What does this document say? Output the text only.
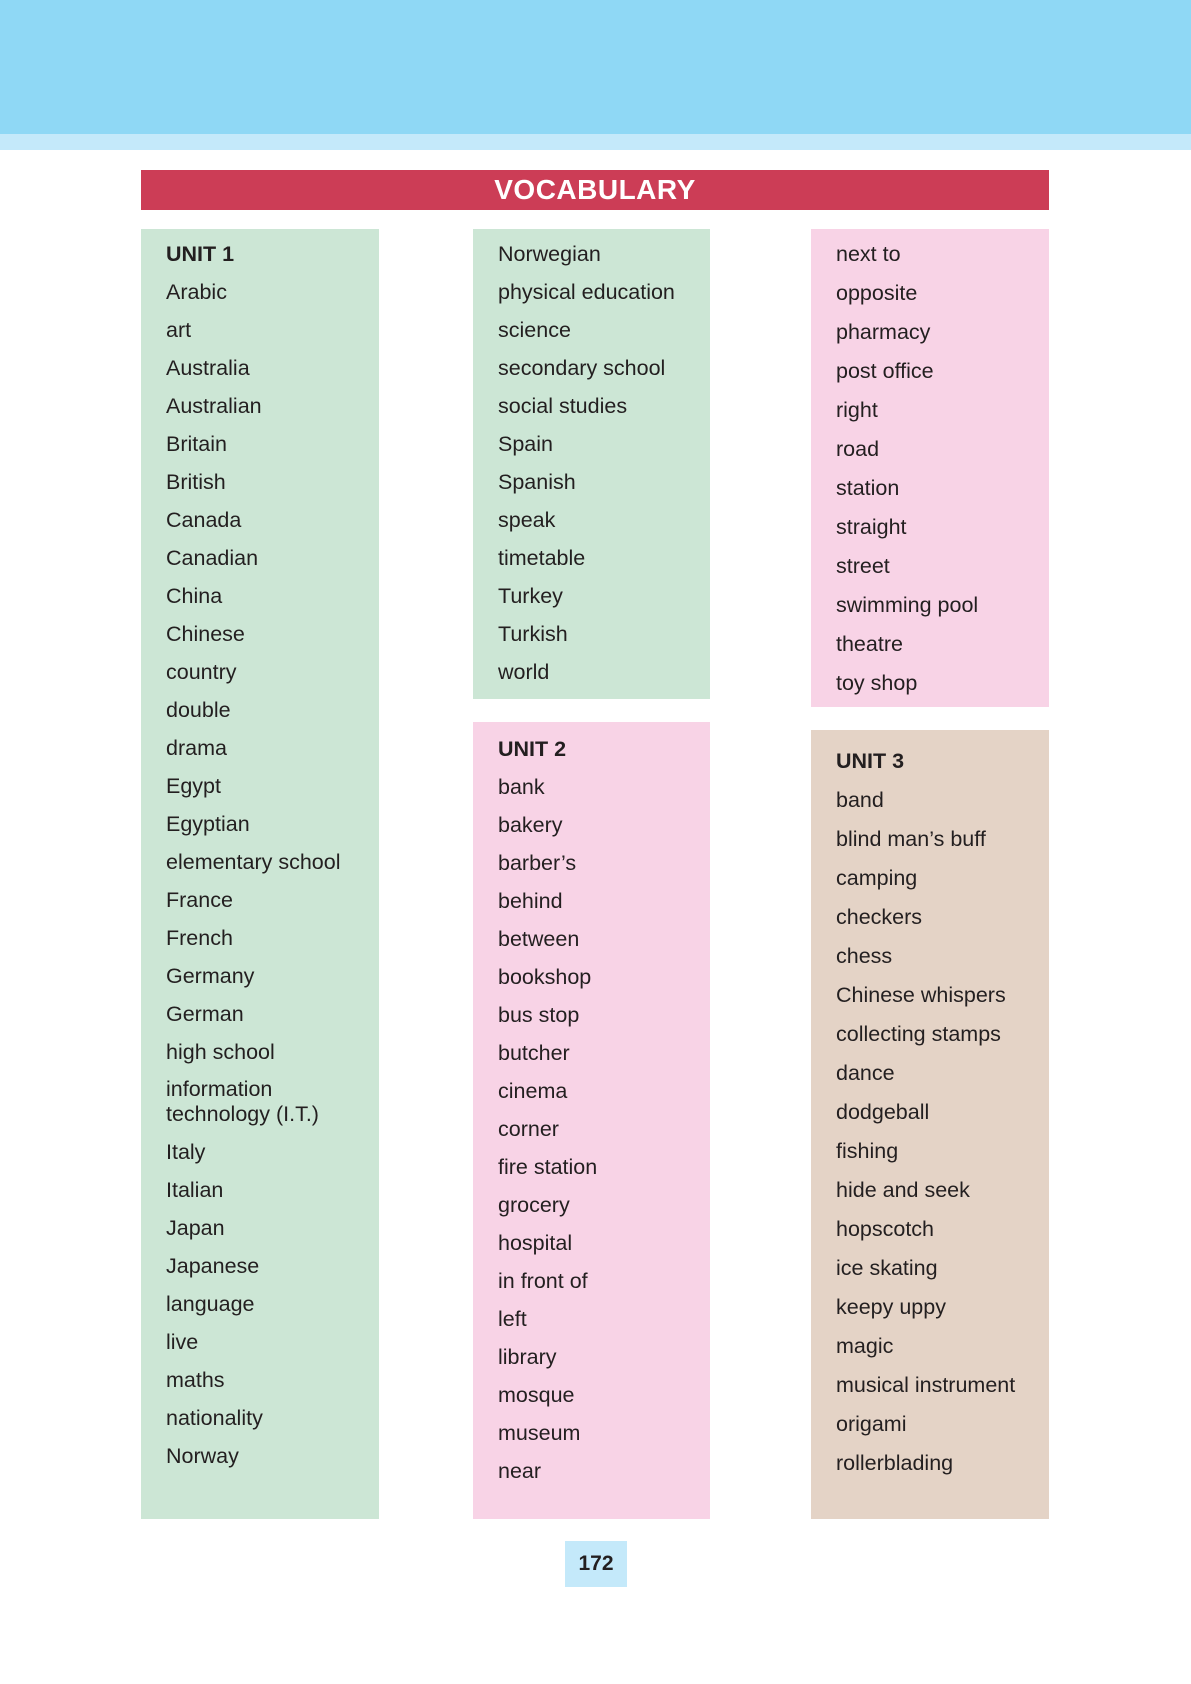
VOCABULARY
UNIT 1
Arabic
art
Australia
Australian
Britain
British
Canada
Canadian
China
Chinese
country
double
drama
Egypt
Egyptian
elementary school
France
French
Germany
German
high school
information technology (I.T.)
Italy
Italian
Japan
Japanese
language
live
maths
nationality
Norway
Norwegian
physical education
science
secondary school
social studies
Spain
Spanish
speak
timetable
Turkey
Turkish
world
UNIT 2
bank
bakery
barber’s
behind
between
bookshop
bus stop
butcher
cinema
corner
fire station
grocery
hospital
in front of
left
library
mosque
museum
near
next to
opposite
pharmacy
post office
right
road
station
straight
street
swimming pool
theatre
toy shop
UNIT 3
band
blind man’s buff
camping
checkers
chess
Chinese whispers
collecting stamps
dance
dodgeball
fishing
hide and seek
hopscotch
ice skating
keepy uppy
magic
musical instrument
origami
rollerblading
172
